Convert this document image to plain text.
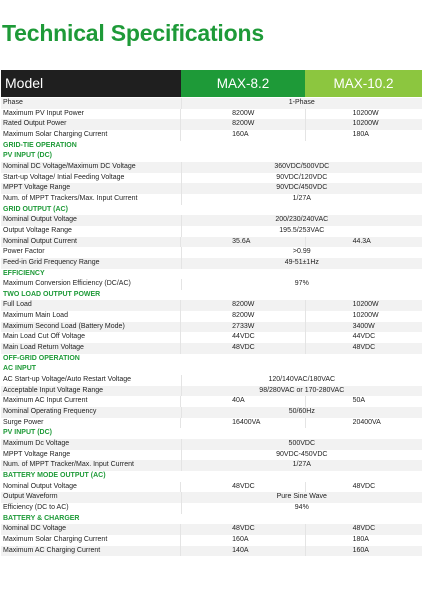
Technical Specifications
Model	MAX-8.2	MAX-10.2
Phase	1-Phase
Maximum PV Input Power	8200W	10200W
Rated Output Power	8200W	10200W
Maximum Solar Charging Current	160A	180A
GRID-TIE OPERATION
PV INPUT (DC)
Nominal DC Voltage/Maximum DC Voltage	360VDC/500VDC
Start-up Voltage/ Intial Feeding Voltage	90VDC/120VDC
MPPT Voltage Range	90VDC/450VDC
Num. of MPPT Trackers/Max. Input Current	1/27A
GRID OUTPUT (AC)
Nominal Output Voltage	200/230/240VAC
Output Voltage Range	195.5/253VAC
Nominal Output Current	35.6A	44.3A
Power Factor	>0.99
Feed-in Grid Frequency Range	49-51±1Hz
EFFICIENCY
Maximum Conversion Efficiency (DC/AC)	97%
TWO LOAD OUTPUT POWER
Full Load	8200W	10200W
Maximum Main Load	8200W	10200W
Maximum Second Load (Battery Mode)	2733W	3400W
Main Load Cut Off Voltage	44VDC	44VDC
Main Load Return Voltage	48VDC	48VDC
OFF-GRID OPERATION
AC INPUT
AC Start-up Voltage/Auto Restart Voltage	120/140VAC/180VAC
Acceptable Input Voltage Range	98/280VAC or 170-280VAC
Maximum AC Input Current	40A	50A
Nominal Operating Frequency	50/60Hz
Surge Power	16400VA	20400VA
PV INPUT (DC)
Maximum Dc Voltage	500VDC
MPPT Voltage Range	90VDC-450VDC
Num. of MPPT Tracker/Max. Input Current	1/27A
BATTERY MODE OUTPUT (AC)
Nominal Output Voltage	48VDC	48VDC
Output Waveform	Pure Sine Wave
Efficiency (DC to AC)	94%
BATTERY & CHARGER
Nominal DC Voltage	48VDC	48VDC
Maximum Solar Charging Current	160A	180A
Maximum AC Charging Current	140A	160A
